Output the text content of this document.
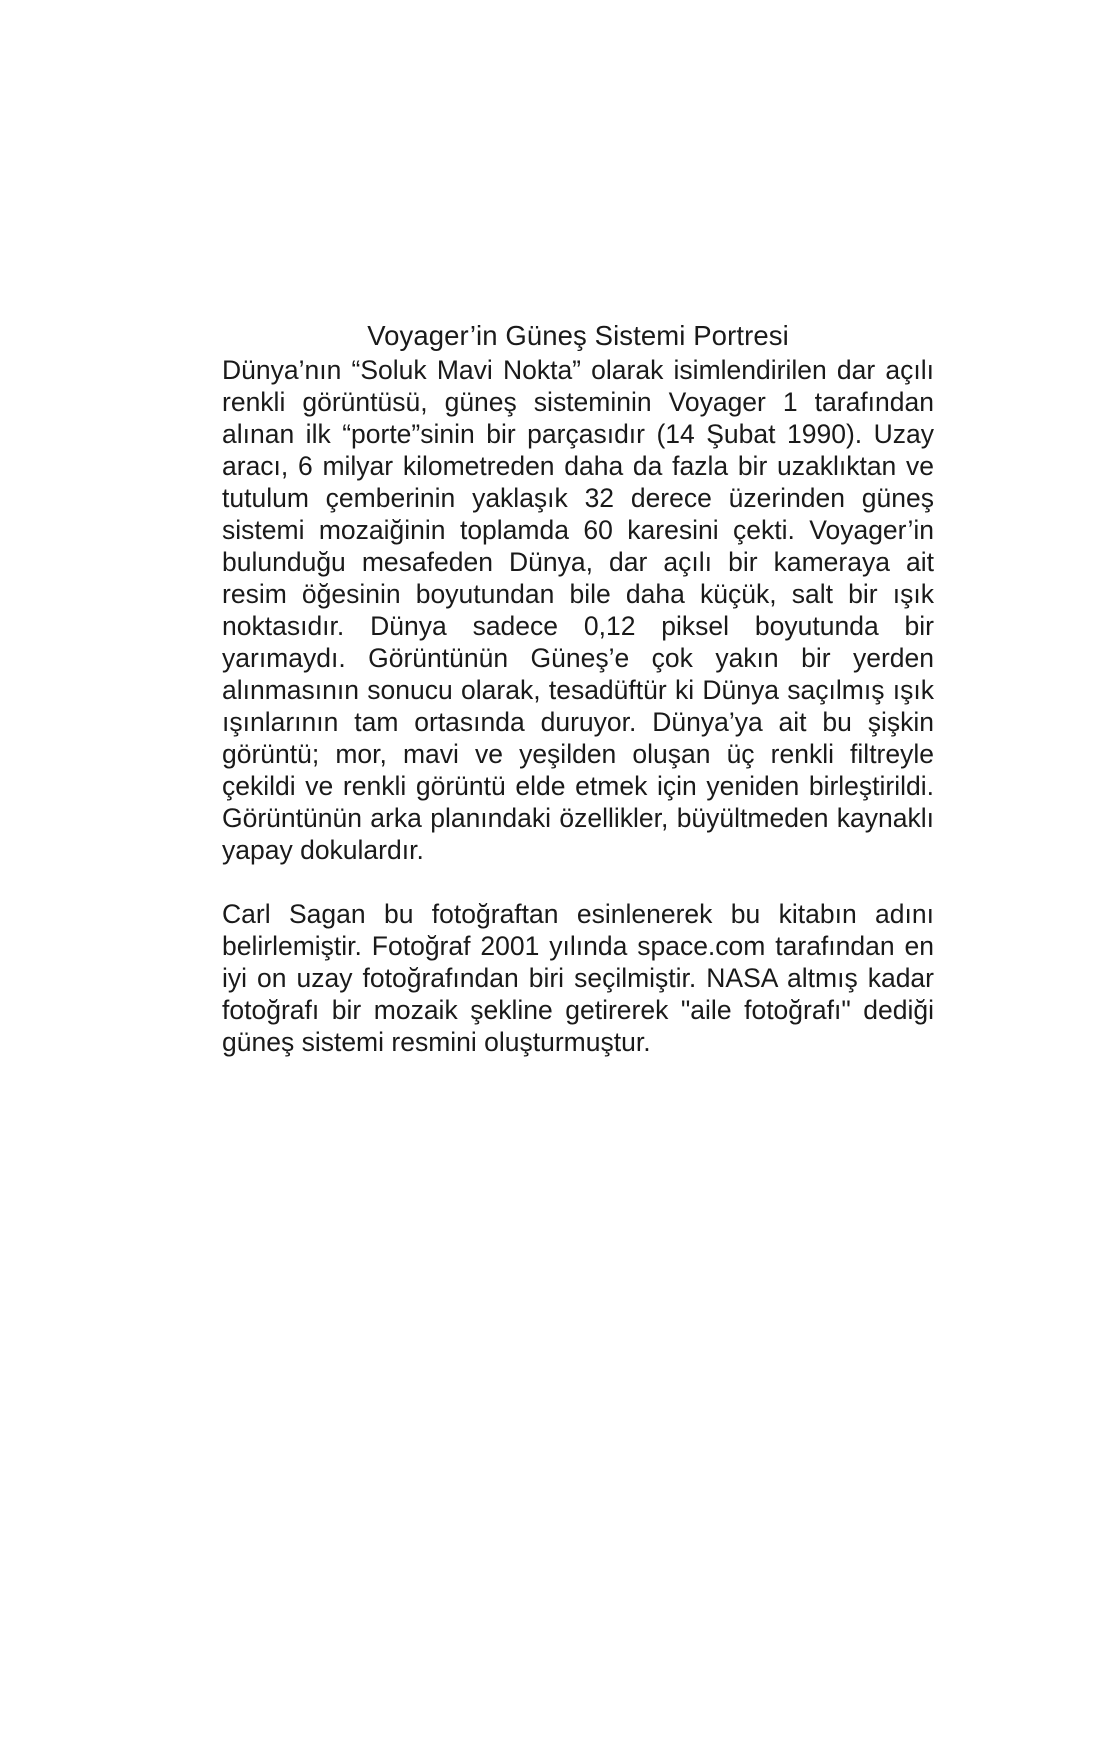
Voyager’in Güneş Sistemi Portresi

Dünya’nın “Soluk Mavi Nokta” olarak isimlendirilen dar açılı renkli görüntüsü, güneş sisteminin Voyager 1 tarafından alınan ilk “porte”sinin bir parçasıdır (14 Şubat 1990). Uzay aracı, 6 milyar kilometreden daha da fazla bir uzaklıktan ve tutulum çemberinin yaklaşık 32 derece üzerinden güneş sistemi mozaiğinin toplamda 60 karesini çekti. Voyager’in bulunduğu mesafeden Dünya, dar açılı bir kameraya ait resim öğesinin boyutundan bile daha küçük, salt bir ışık noktasıdır. Dünya sadece 0,12 piksel boyutunda bir yarımaydı. Görüntünün Güneş’e çok yakın bir yerden alınmasının sonucu olarak, tesadüftür ki Dünya saçılmış ışık ışınlarının tam ortasında duruyor. Dünya’ya ait bu şişkin görüntü; mor, mavi ve yeşilden oluşan üç renkli filtreyle çekildi ve renkli görüntü elde etmek için yeniden birleştirildi. Görüntünün arka planındaki özellikler, büyültmeden kaynaklı yapay dokulardır.

Carl Sagan bu fotoğraftan esinlenerek bu kitabın adını belirlemiştir. Fotoğraf 2001 yılında space.com tarafından en iyi on uzay fotoğrafından biri seçilmiştir. NASA altmış kadar fotoğrafı bir mozaik şekline getirerek "aile fotoğrafı" dediği güneş sistemi resmini oluşturmuştur.
